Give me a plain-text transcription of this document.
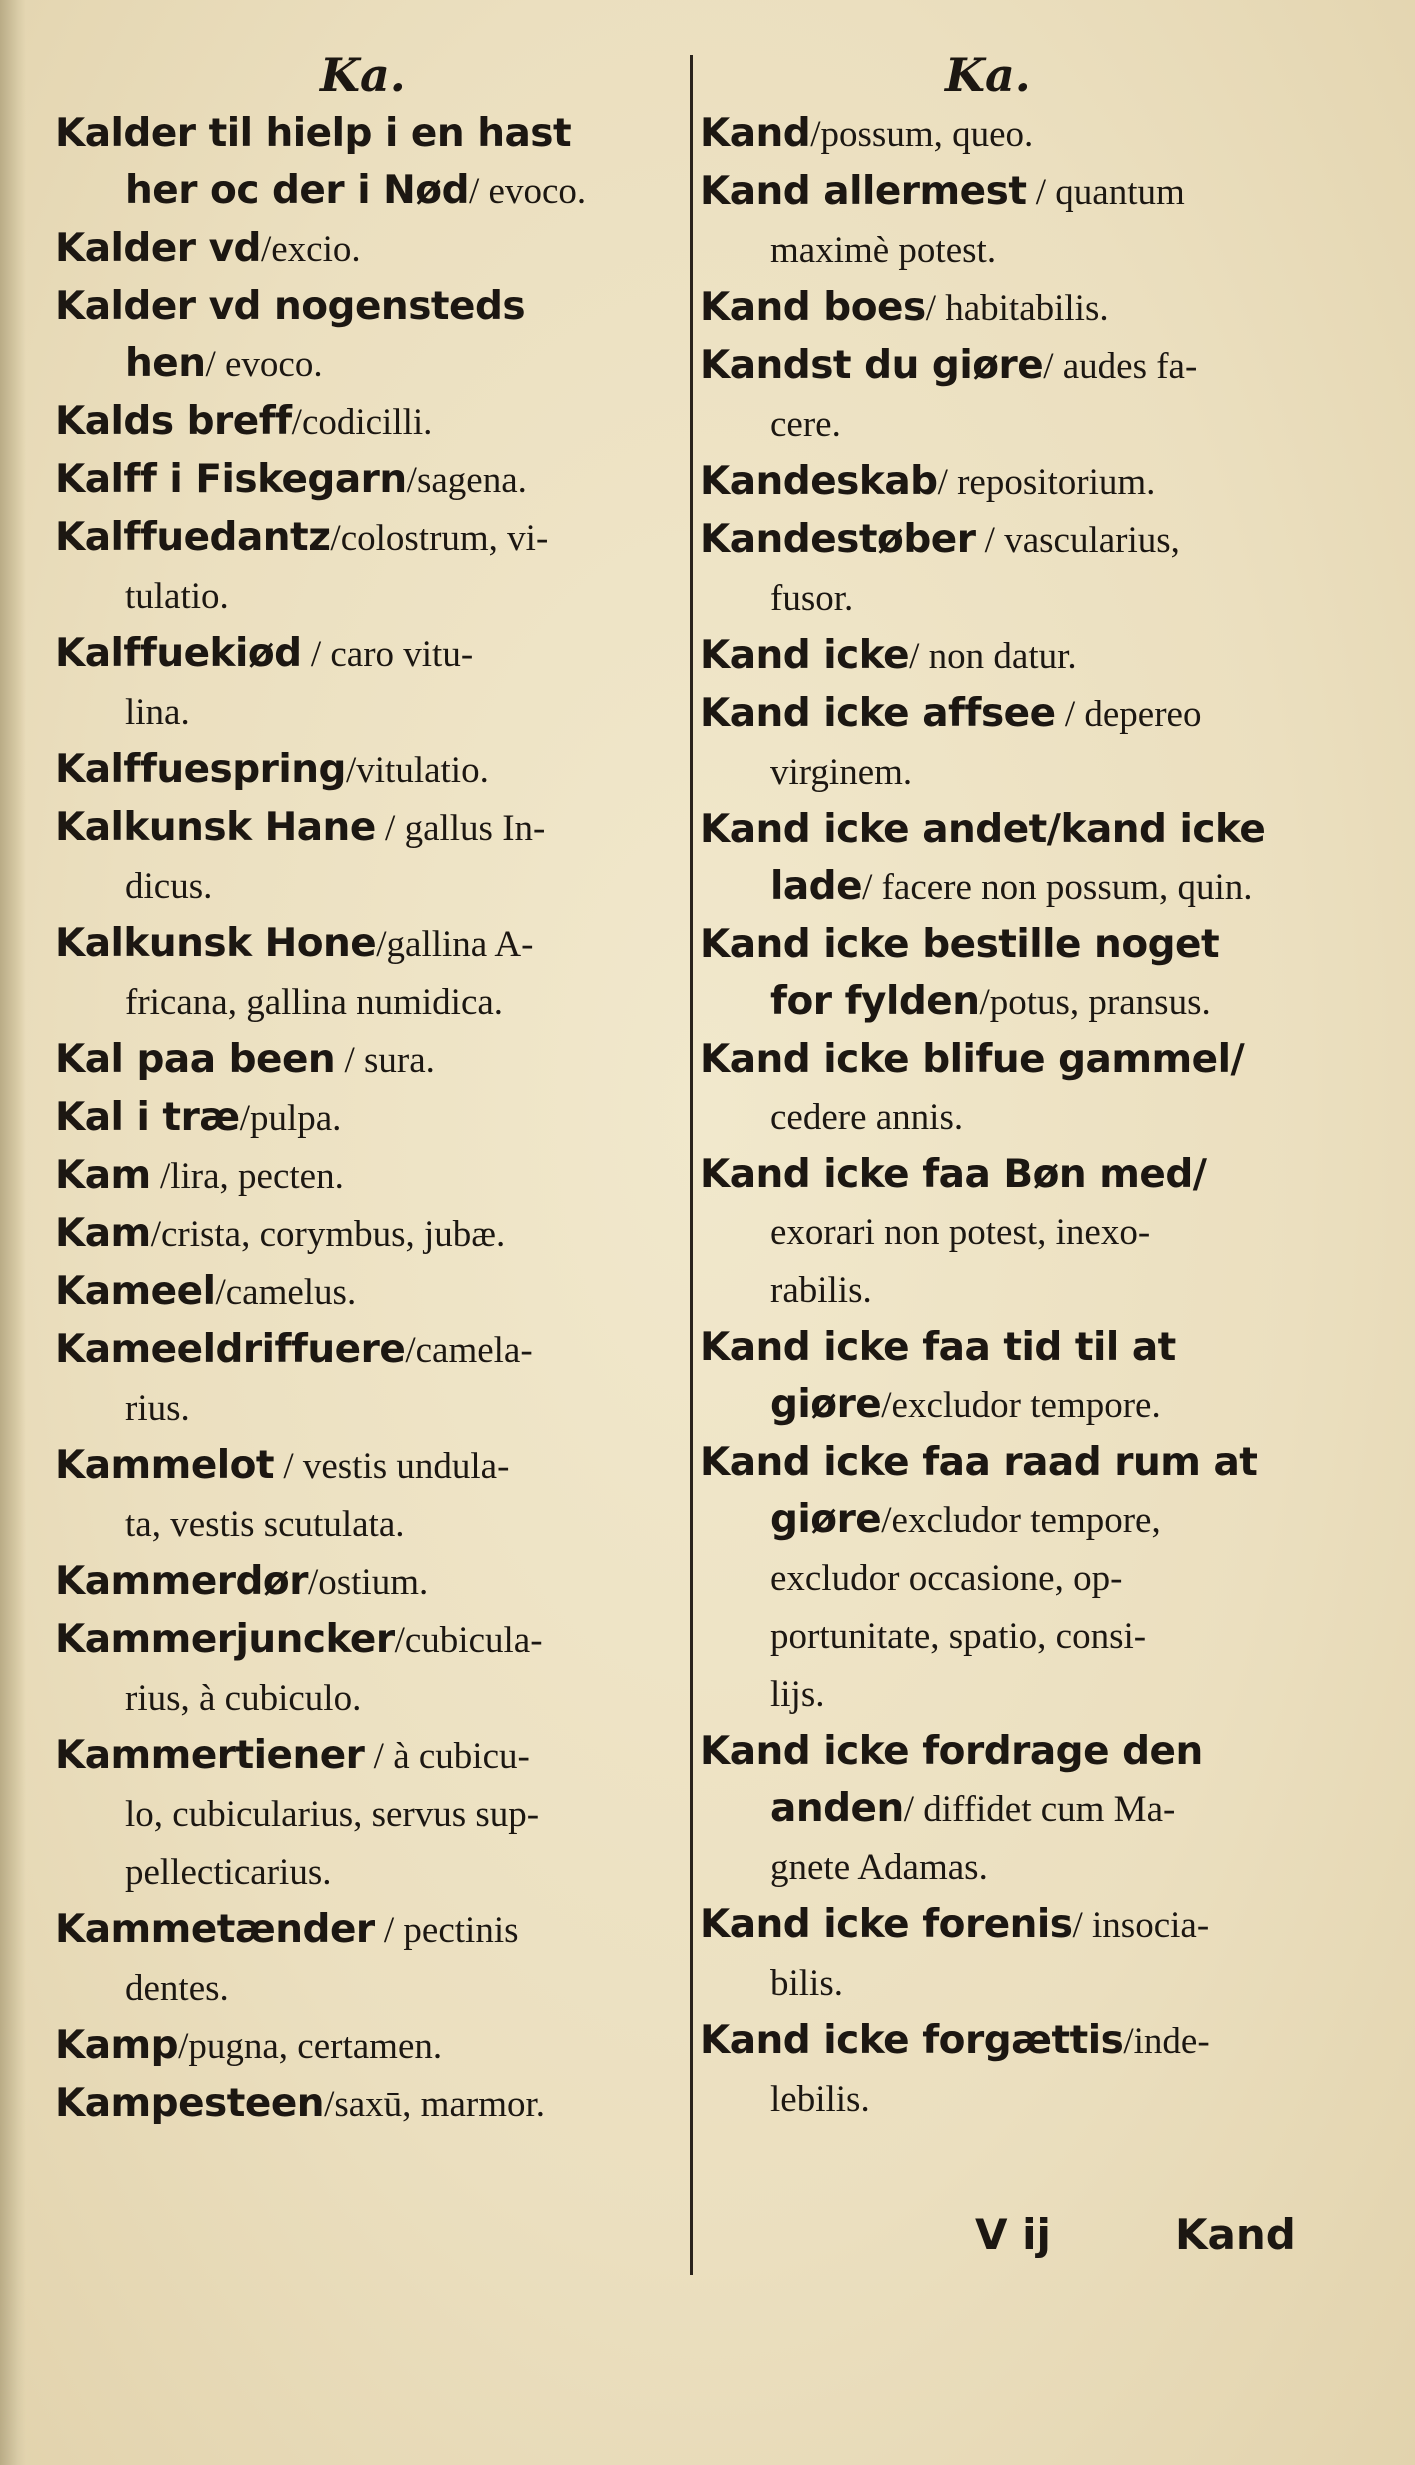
Ka.
Kalder til hielp i en hast
her oc der i Nød/ evoco.
Kalder vd/excio.
Kalder vd nogensteds
hen/ evoco.
Kalds breff/codicilli.
Kalff i Fiskegarn/sagena.
Kalffuedantz/colostrum, vi-
tulatio.
Kalffuekiød / caro vitu-
lina.
Kalffuespring/vitulatio.
Kalkunsk Hane / gallus In-
dicus.
Kalkunsk Hone/gallina A-
fricana, gallina numidica.
Kal paa been / sura.
Kal i træ/pulpa.
Kam /lira, pecten.
Kam/crista, corymbus, jubæ.
Kameel/camelus.
Kameeldriffuere/camela-
rius.
Kammelot / vestis undula-
ta, vestis scutulata.
Kammerdør/ostium.
Kammerjuncker/cubicula-
rius, à cubiculo.
Kammertiener / à cubicu-
lo, cubicularius, servus sup-
pellecticarius.
Kammetænder / pectinis
dentes.
Kamp/pugna, certamen.
Kampesteen/saxū, marmor.
Ka.
Kand/possum, queo.
Kand allermest / quantum
maximè potest.
Kand boes/ habitabilis.
Kandst du giøre/ audes fa-
cere.
Kandeskab/ repositorium.
Kandestøber / vascularius,
fusor.
Kand icke/ non datur.
Kand icke affsee / depereo
virginem.
Kand icke andet/kand icke
lade/ facere non possum, quin.
Kand icke bestille noget
for fylden/potus, pransus.
Kand icke blifue gammel/
cedere annis.
Kand icke faa Bøn med/
exorari non potest, inexo-
rabilis.
Kand icke faa tid til at
giøre/excludor tempore.
Kand icke faa raad rum at
giøre/excludor tempore,
excludor occasione, op-
portunitate, spatio, consi-
lijs.
Kand icke fordrage den
anden/ diffidet cum Ma-
gnete Adamas.
Kand icke forenis/ insocia-
bilis.
Kand icke forgættis/inde-
lebilis.
V ij	Kand
